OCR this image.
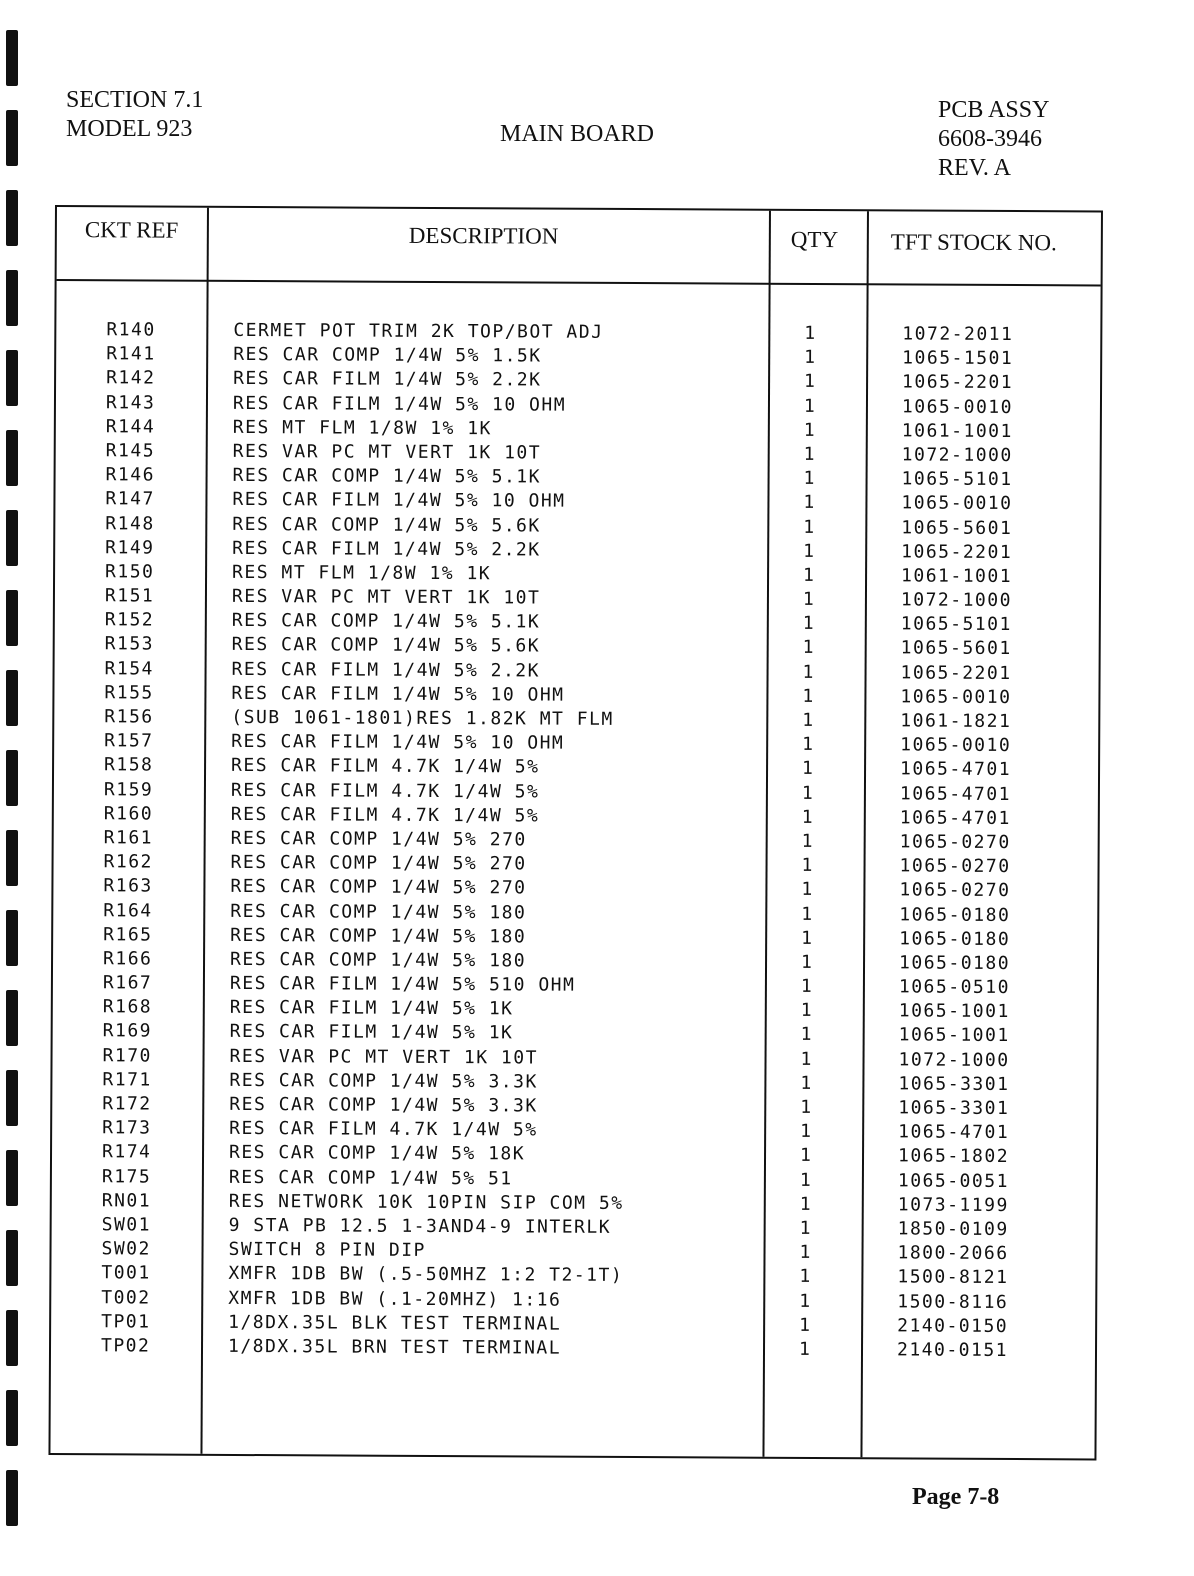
SECTION 7.1
MODEL 923	MAIN BOARD
PCB ASSY
6608-3946
REV. A
CKT REF	DESCRIPTION	QTY TFT STOCK NO.
R140	CERMET POT TRIM 2K TOP/BOT ADJ	1	1072-2011
R141	RES CAR COMP 1/4W 5% 1.5K	1	1065-1501
R142	RES CAR FILM 1/4W 5% 2.2K	1	1065-2201
R143	RES CAR FILM 1/4W 5% 10 OHM	1	1065-0010
R144	RES MT FLM 1/8W 1% 1K	1	1061-1001
R145	RES VAR PC MT VERT 1K 10T	1	1072-1000
R146	RES CAR COMP 1/4W 5% 5.1K	1	1065-5101
R147	RES CAR FILM 1/4W 5% 10 OHM	1	1065-0010
R148	RES CAR COMP 1/4W 5% 5.6K	1	1065-5601
R149	RES CAR FILM 1/4W 5% 2.2K	1	1065-2201
R150	RES MT FLM 1/8W 1% 1K	1	1061-1001
R151	RES VAR PC MT VERT 1K 10T	1	1072-1000
R152	RES CAR COMP 1/4W 5% 5.1K	1	1065-5101
R153	RES CAR COMP 1/4W 5% 5.6K	1	1065-5601
R154	RES CAR FILM 1/4W 5% 2.2K	1	1065-2201
R155	RES CAR FILM 1/4W 5% 10 OHM	1	1065-0010
R156	(SUB 1061-1801)RES 1.82K MT FLM	1	1061-1821
R157	RES CAR FILM 1/4W 5% 10 OHM	1	1065-0010
R158	RES CAR FILM 4.7K 1/4W 5%	1	1065-4701
R159	RES CAR FILM 4.7K 1/4W 5%	1	1065-4701
R160	RES CAR FILM 4.7K 1/4W 5%	1	1065-4701
R161	RES CAR COMP 1/4W 5% 270	1	1065-0270
R162	RES CAR COMP 1/4W 5% 270	1	1065-0270
R163	RES CAR COMP 1/4W 5% 270	1	1065-0270
R164	RES CAR COMP 1/4W 5% 180	1	1065-0180
R165	RES CAR COMP 1/4W 5% 180	1	1065-0180
R166	RES CAR COMP 1/4W 5% 180	1	1065-0180
R167	RES CAR FILM 1/4W 5% 510 OHM	1	1065-0510
R168	RES CAR FILM 1/4W 5% 1K	1	1065-1001
R169	RES CAR FILM 1/4W 5% 1K	1	1065-1001
R170	RES VAR PC MT VERT 1K 10T	1	1072-1000
R171	RES CAR COMP 1/4W 5% 3.3K	1	1065-3301
R172	RES CAR COMP 1/4W 5% 3.3K	1	1065-3301
R173	RES CAR FILM 4.7K 1/4W 5%	1	1065-4701
R174	RES CAR COMP 1/4W 5% 18K	1	1065-1802
R175	RES CAR COMP 1/4W 5% 51	1	1065-0051
RN01	RES NETWORK 10K 10PIN SIP COM 5%	1	1073-1199
SW01	9 STA PB 12.5 1-3AND4-9 INTERLK	1	1850-0109
SW02	SWITCH 8 PIN DIP	1	1800-2066
T001	XMFR 1DB BW (.5-50MHZ 1:2 T2-1T)	1	1500-8121
T002	XMFR 1DB BW (.1-20MHZ) 1:16	1	1500-8116
TP01	1/8DX.35L BLK TEST TERMINAL	1	2140-0150
TP02	1/8DX.35L BRN TEST TERMINAL	1	2140-0151
Page 7-8
